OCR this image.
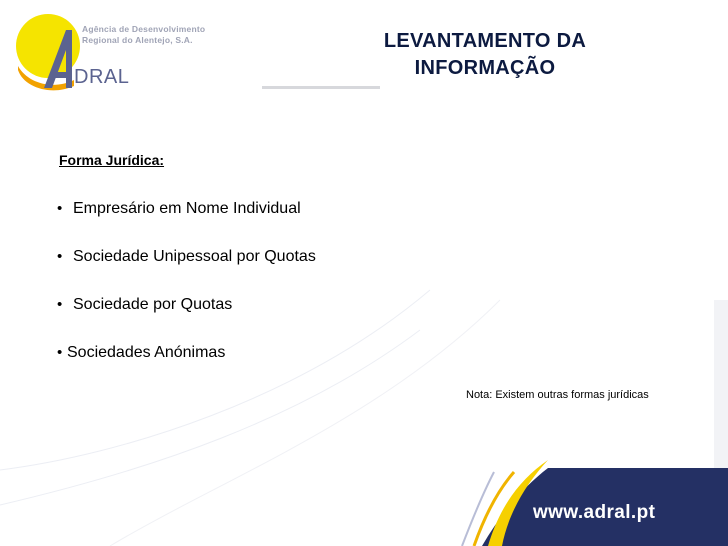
Agência de Desenvolvimento
Regional do Alentejo, S.A.
DRAL
LEVANTAMENTO DA
INFORMAÇÃO
Forma Jurídica:
• Empresário em Nome Individual
• Sociedade Unipessoal por Quotas
• Sociedade por Quotas
• Sociedades Anónimas
Nota: Existem outras formas jurídicas
www.adral.pt
